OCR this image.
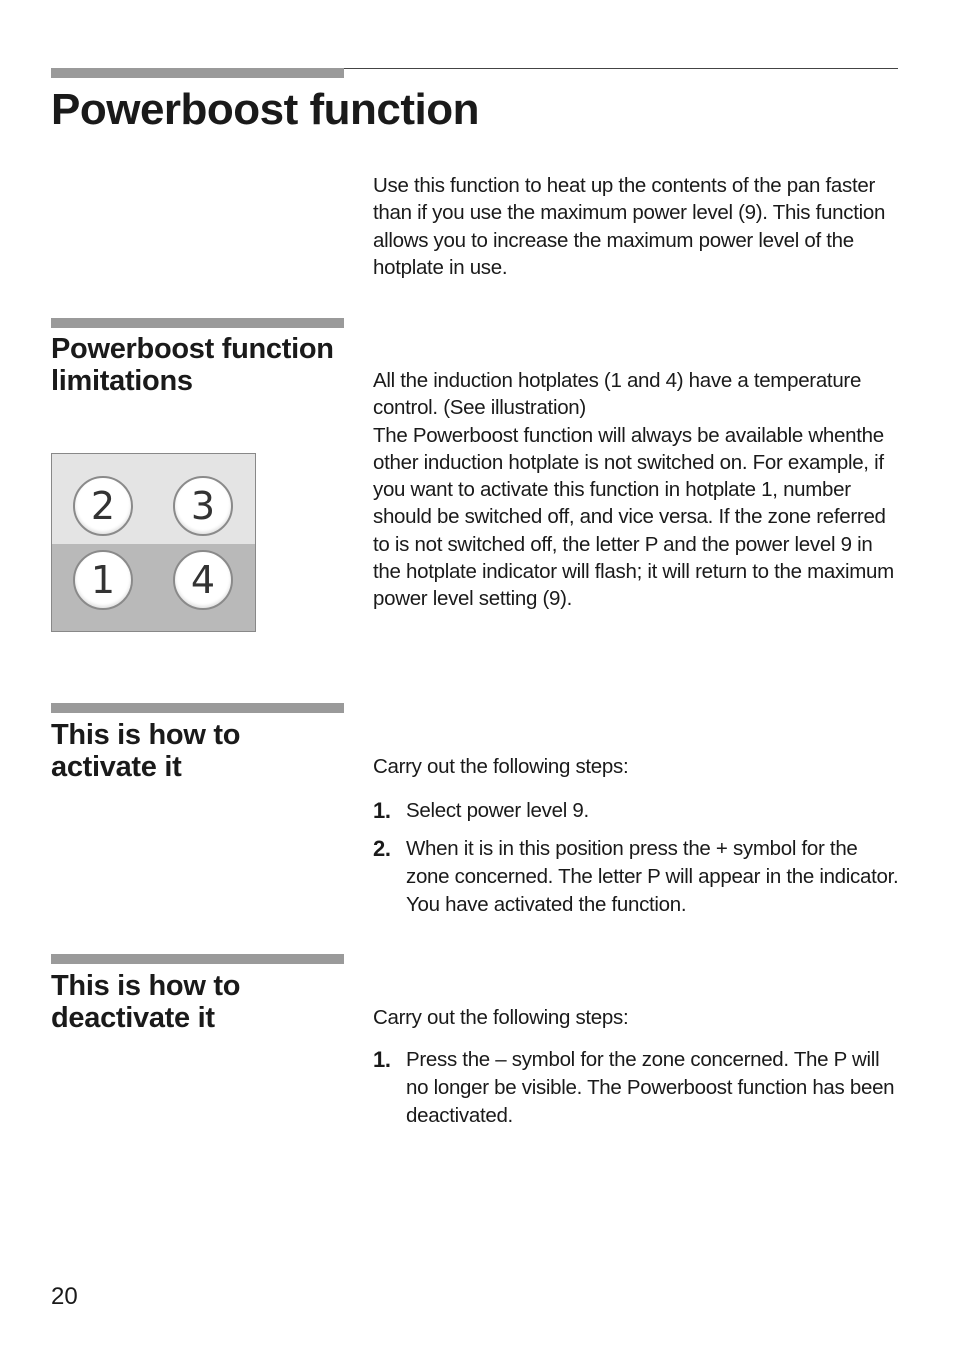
Powerboost function

Use this function to heat up the contents of the pan faster than if you use the maximum power level (9). This function allows you to increase the maximum power level of the hotplate in use.

Powerboost function limitations
2	3
1	4

All the induction hotplates (1 and 4) have a temperature control. (See illustration)

The Powerboost function will always be available whenthe other induction hotplate is not switched on. For example, if you want to activate this function in hotplate 1, number should be switched off, and vice versa. If the zone referred to is not switched off, the letter P and the power level 9 in the hotplate indicator will flash; it will return to the maximum power level setting (9).

This is how to activate it	Carry out the following steps:

1. Select power level 9.
2. When it is in this position press the + symbol for the zone concerned. The letter P will appear in the indicator. You have activated the function.
This is how to deactivate it	Carry out the following steps:

1. Press the – symbol for the zone concerned. The P will no longer be visible. The Powerboost function has been deactivated.

20
